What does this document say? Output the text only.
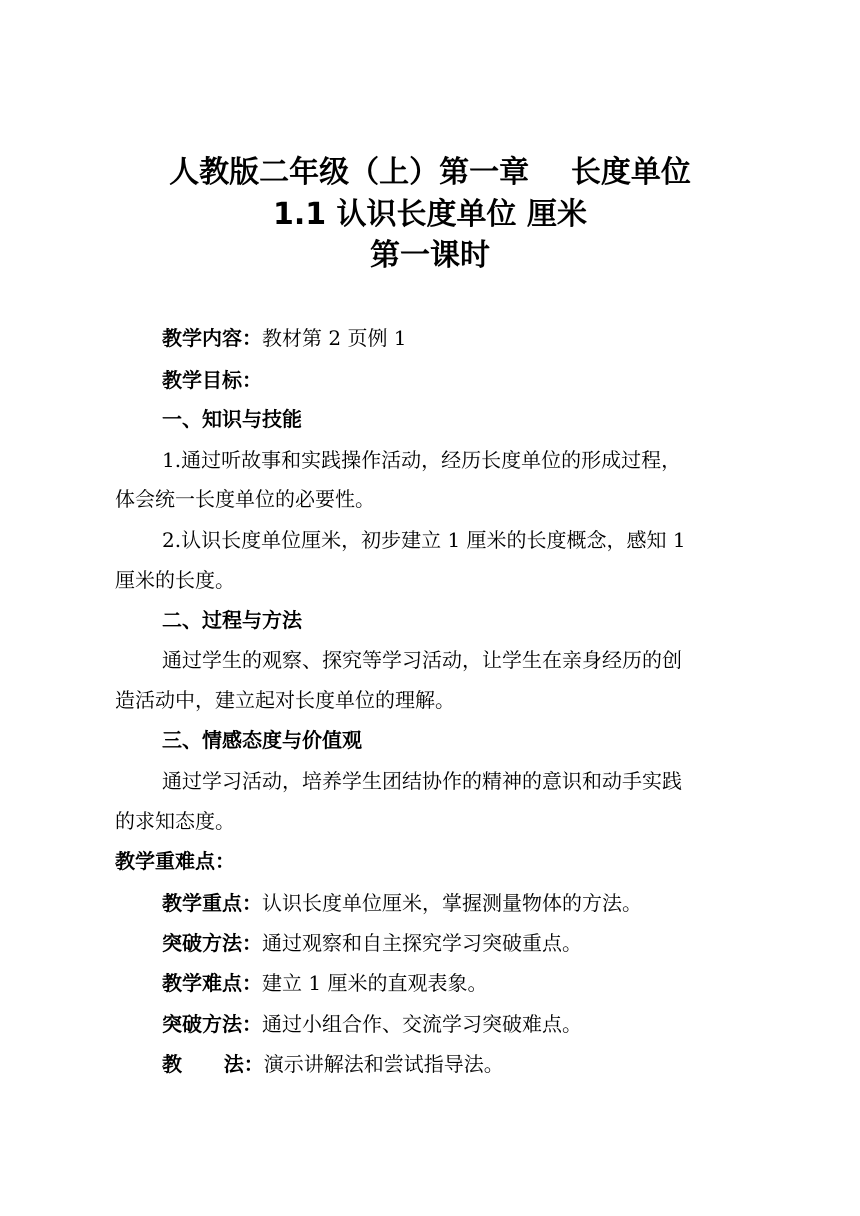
人教版二年级（上）第一章    长度单位
1.1 认识长度单位 厘米
第一课时
教学内容：教材第 2 页例 1
教学目标：
一、知识与技能
1.通过听故事和实践操作活动，经历长度单位的形成过程，
体会统一长度单位的必要性。
2.认识长度单位厘米，初步建立 1 厘米的长度概念，感知 1
厘米的长度。
二、过程与方法
通过学生的观察、探究等学习活动，让学生在亲身经历的创
造活动中，建立起对长度单位的理解。
三、情感态度与价值观
通过学习活动，培养学生团结协作的精神的意识和动手实践
的求知态度。
教学重难点：
教学重点：认识长度单位厘米，掌握测量物体的方法。
突破方法：通过观察和自主探究学习突破重点。
教学难点：建立 1 厘米的直观表象。
突破方法：通过小组合作、交流学习突破难点。
教      法：演示讲解法和尝试指导法。
